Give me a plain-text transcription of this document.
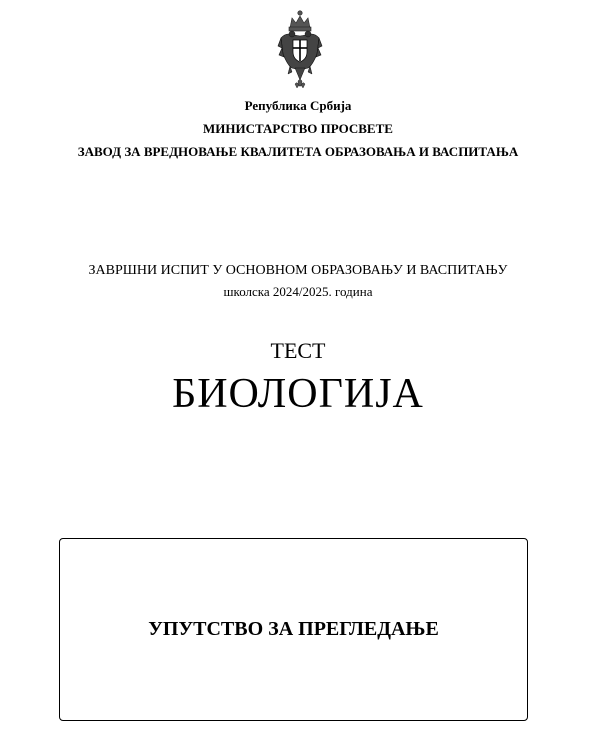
Република Србија
МИНИСТАРСТВО ПРОСВЕТЕ
ЗАВОД ЗА ВРЕДНОВАЊЕ КВАЛИТЕТА ОБРАЗОВАЊА И ВАСПИТАЊА
ЗАВРШНИ ИСПИТ У ОСНОВНОМ ОБРАЗОВАЊУ И ВАСПИТАЊУ
школска 2024/2025. година
ТЕСТ
БИОЛОГИЈА
УПУТСТВО ЗА ПРЕГЛЕДАЊЕ
